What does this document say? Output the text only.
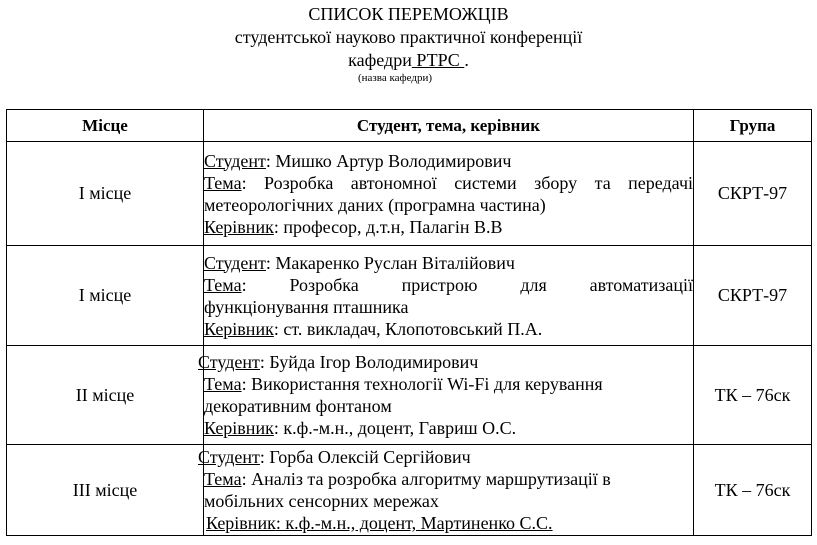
СПИСОК ПЕРЕМОЖЦІВ
студентської науково практичної конференції
кафедри РТРС .
(назва кафедри)
Місце	Студент, тема, керівник	Група
І місце	Студент: Мишко Артур Володимирович
Тема: Розробка автономної системи збору та передачі
метеорологічних даних (програмна частина)
Керівник: професор, д.т.н, Палагін В.В	СКРТ-97
І місце	Студент: Макаренко Руслан Віталійович
Тема: Розробка пристрою для автоматизації
функціонування пташника
Керівник: ст. викладач, Клопотовський П.А.	СКРТ-97
ІІ місце	Студент: Буйда Ігор Володимирович
Тема: Використання технології Wi-Fi для керування
декоративним фонтаном
Керівник: к.ф.-м.н., доцент, Гавриш О.С.	ТК – 76ск
ІІІ місце	Студент: Горба Олексій Сергійович
Тема: Аналіз та розробка алгоритму маршрутизації в
мобільних сенсорних мережах
Керівник: к.ф.-м.н., доцент, Мартиненко С.С.	ТК – 76ск
